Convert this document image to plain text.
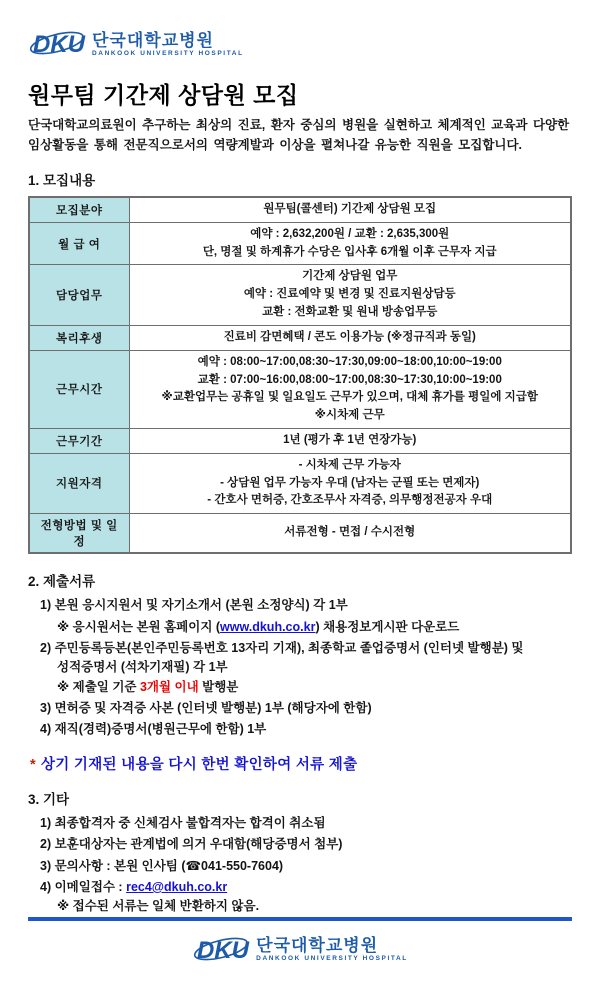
DKU 단국대학교병원
DANKOOK UNIVERSITY HOSPITAL
원무팀 기간제 상담원 모집
단국대학교의료원이 추구하는 최상의 진료, 환자 중심의 병원을 실현하고 체계적인 교육과 다양한
임상활동을 통해 전문직으로서의 역량계발과 이상을 펼쳐나갈 유능한 직원을 모집합니다.
1. 모집내용
모집분야	원무팀(콜센터) 기간제 상담원 모집

월 급 여	예약 : 2,632,200원 / 교환 : 2,635,300원
단, 명절 및 하계휴가 수당은 입사후 6개월 이후 근무자 지급

담당업무	기간제 상담원 업무
예약 : 진료예약 및 변경 및 진료지원상담등
교환 : 전화교환 및 원내 방송업무등

복리후생	진료비 감면혜택 / 콘도 이용가능 (※정규직과 동일)

근무시간	예약 : 08:00~17:00,08:30~17:30,09:00~18:00,10:00~19:00
교환 : 07:00~16:00,08:00~17:00,08:30~17:30,10:00~19:00
※교환업무는 공휴일 및 일요일도 근무가 있으며, 대체 휴가를 평일에 지급함
※시차제 근무

근무기간	1년 (평가 후 1년 연장가능)

지원자격	- 시차제 근무 가능자
- 상담원 업무 가능자 우대 (남자는 군필 또는 면제자)
- 간호사 면허증, 간호조무사 자격증, 의무행정전공자 우대

전형방법 및 일정	서류전형 - 면접 / 수시전형
2. 제출서류
1) 본원 응시지원서 및 자기소개서 (본원 소정양식) 각 1부
※ 응시원서는 본원 홈페이지 (www.dkuh.co.kr) 채용정보게시판 다운로드
2) 주민등록등본(본인주민등록번호 13자리 기재), 최종학교 졸업증명서 (인터넷 발행분) 및
성적증명서 (석차기재필) 각 1부
※ 제출일 기준 3개월 이내 발행분
3) 면허증 및 자격증 사본 (인터넷 발행분) 1부 (해당자에 한함)
4) 재직(경력)증명서(병원근무에 한함) 1부
* 상기 기재된 내용을 다시 한번 확인하여 서류 제출
3. 기타
1) 최종합격자 중 신체검사 불합격자는 합격이 취소됨
2) 보훈대상자는 관계법에 의거 우대함(해당증명서 첨부)
3) 문의사항 : 본원 인사팀 (☎041-550-7604)
4) 이메일접수 : rec4@dkuh.co.kr
※ 접수된 서류는 일체 반환하지 않음.
DKU 단국대학교병원
DANKOOK UNIVERSITY HOSPITAL
